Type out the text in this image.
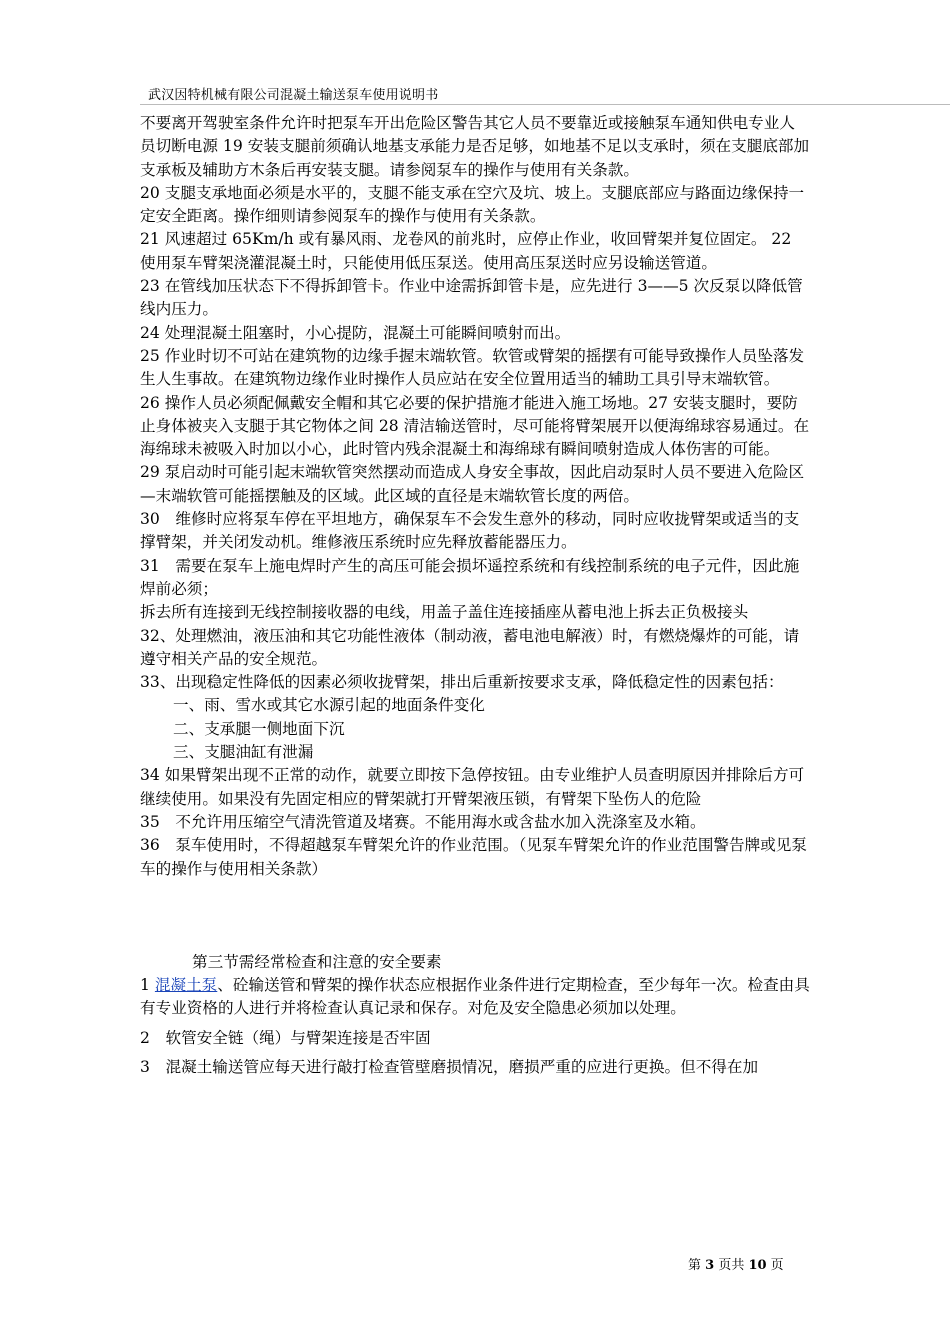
武汉因特机械有限公司混凝土输送泵车使用说明书

不要离开驾驶室条件允许时把泵车开出危险区警告其它人员不要靠近或接触泵车通知供电专业人员切断电源 19 安装支腿前须确认地基支承能力是否足够，如地基不足以支承时，须在支腿底部加支承板及辅助方木条后再安装支腿。请参阅泵车的操作与使用有关条款。

20 支腿支承地面必须是水平的，支腿不能支承在空穴及坑、坡上。支腿底部应与路面边缘保持一定安全距离。操作细则请参阅泵车的操作与使用有关条款。

21 风速超过 65Km/h 或有暴风雨、龙卷风的前兆时，应停止作业，收回臂架并复位固定。 22 使用泵车臂架浇灌混凝土时，只能使用低压泵送。使用高压泵送时应另设输送管道。

23 在管线加压状态下不得拆卸管卡。作业中途需拆卸管卡是，应先进行 3——5 次反泵以降低管线内压力。

24 处理混凝土阻塞时，小心提防，混凝土可能瞬间喷射而出。

25 作业时切不可站在建筑物的边缘手握末端软管。软管或臂架的摇摆有可能导致操作人员坠落发生人生事故。在建筑物边缘作业时操作人员应站在安全位置用适当的辅助工具引导末端软管。

26 操作人员必须配佩戴安全帽和其它必要的保护措施才能进入施工场地。27 安装支腿时，要防止身体被夹入支腿于其它物体之间 28 清洁输送管时，尽可能将臂架展开以便海绵球容易通过。在海绵球未被吸入时加以小心，此时管内残余混凝土和海绵球有瞬间喷射造成人体伤害的可能。

29 泵启动时可能引起末端软管突然摆动而造成人身安全事故，因此启动泵时人员不要进入危险区—末端软管可能摇摆触及的区域。此区域的直径是末端软管长度的两倍。

30　维修时应将泵车停在平坦地方，确保泵车不会发生意外的移动，同时应收拢臂架或适当的支撑臂架，并关闭发动机。维修液压系统时应先释放蓄能器压力。

31　需要在泵车上施电焊时产生的高压可能会损坏遥控系统和有线控制系统的电子元件，因此施焊前必须；

拆去所有连接到无线控制接收器的电线，用盖子盖住连接插座从蓄电池上拆去正负极接头

32、处理燃油，液压油和其它功能性液体（制动液，蓄电池电解液）时，有燃烧爆炸的可能，请遵守相关产品的安全规范。

33、出现稳定性降低的因素必须收拢臂架，排出后重新按要求支承，降低稳定性的因素包括：

一、雨、雪水或其它水源引起的地面条件变化

二、支承腿一侧地面下沉

三、支腿油缸有泄漏

34 如果臂架出现不正常的动作，就要立即按下急停按钮。由专业维护人员查明原因并排除后方可继续使用。如果没有先固定相应的臂架就打开臂架液压锁，有臂架下坠伤人的危险

35　不允许用压缩空气清洗管道及堵赛。不能用海水或含盐水加入洗涤室及水箱。

36　泵车使用时，不得超越泵车臂架允许的作业范围。（见泵车臂架允许的作业范围警告牌或见泵车的操作与使用相关条款）

第三节需经常检查和注意的安全要素

1 混凝土泵、砼输送管和臂架的操作状态应根据作业条件进行定期检查，至少每年一次。检查由具有专业资格的人进行并将检查认真记录和保存。对危及安全隐患必须加以处理。

2　软管安全链（绳）与臂架连接是否牢固

3　混凝土输送管应每天进行敲打检查管壁磨损情况，磨损严重的应进行更换。但不得在加

第 3 页共 10 页
